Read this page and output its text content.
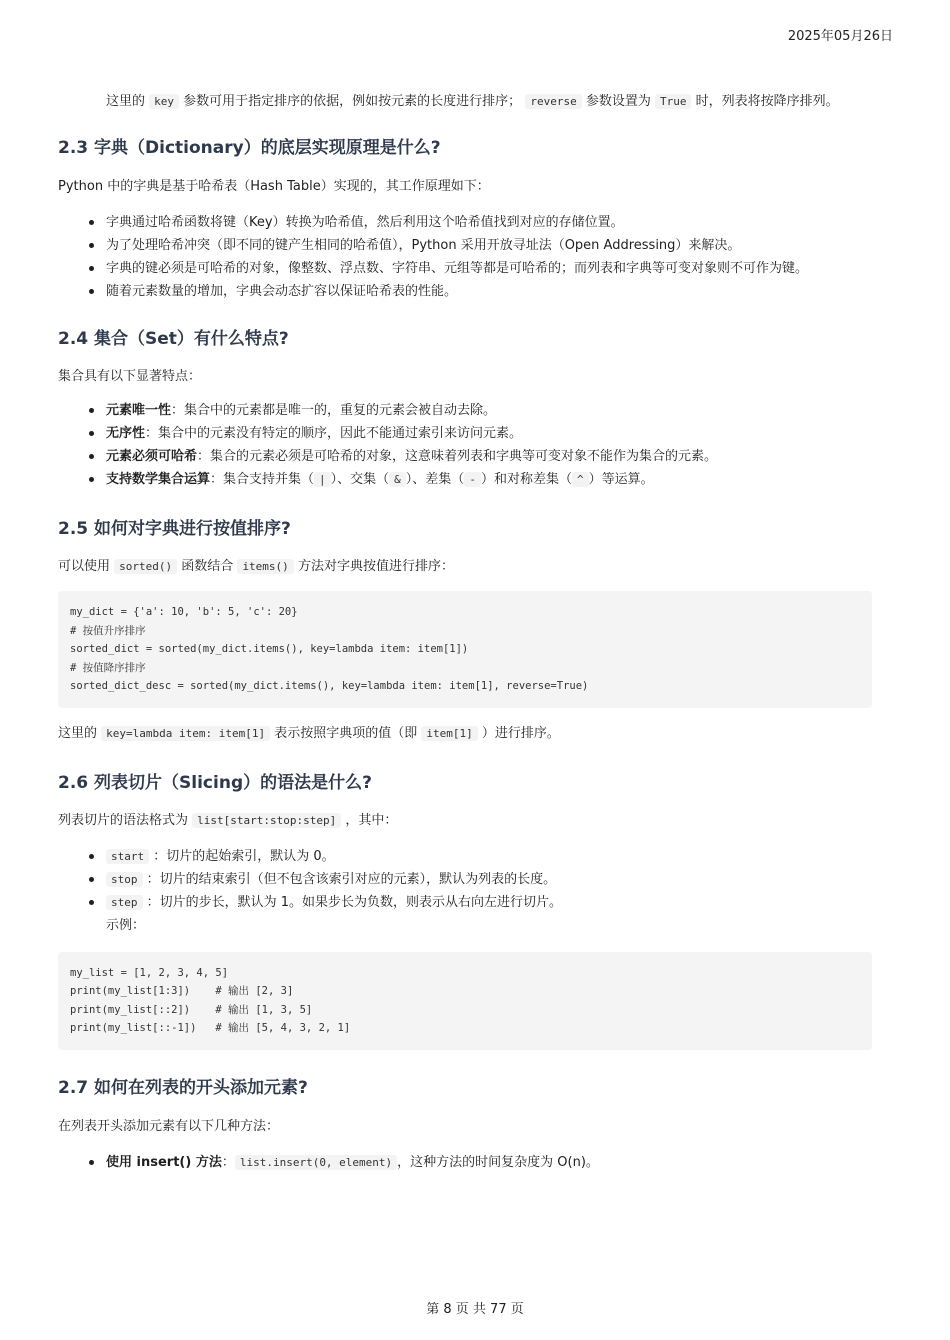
2025年05月26日

这里的 key 参数可用于指定排序的依据，例如按元素的长度进行排序； reverse 参数设置为 True 时，列表将按降序排列。

2.3 字典（Dictionary）的底层实现原理是什么?

Python 中的字典是基于哈希表（Hash Table）实现的，其工作原理如下：

字典通过哈希函数将键（Key）转换为哈希值，然后利用这个哈希值找到对应的存储位置。
为了处理哈希冲突（即不同的键产生相同的哈希值），Python 采用开放寻址法（Open Addressing）来解决。
字典的键必须是可哈希的对象，像整数、浮点数、字符串、元组等都是可哈希的；而列表和字典等可变对象则不可作为键。
随着元素数量的增加，字典会动态扩容以保证哈希表的性能。
2.4 集合（Set）有什么特点?

集合具有以下显著特点：

元素唯一性：集合中的元素都是唯一的，重复的元素会被自动去除。
无序性：集合中的元素没有特定的顺序，因此不能通过索引来访问元素。
元素必须可哈希：集合的元素必须是可哈希的对象，这意味着列表和字典等可变对象不能作为集合的元素。
支持数学集合运算：集合支持并集（ | ）、交集（ & ）、差集（ - ）和对称差集（ ^ ）等运算。
2.5 如何对字典进行按值排序?

可以使用 sorted() 函数结合 items() 方法对字典按值进行排序：

my_dict = {'a': 10, 'b': 5, 'c': 20}
# 按值升序排序
sorted_dict = sorted(my_dict.items(), key=lambda item: item[1])
# 按值降序排序
sorted_dict_desc = sorted(my_dict.items(), key=lambda item: item[1], reverse=True)

这里的 key=lambda item: item[1] 表示按照字典项的值（即 item[1] ）进行排序。

2.6 列表切片（Slicing）的语法是什么?

列表切片的语法格式为 list[start:stop:step] ，其中：

start ：切片的起始索引，默认为 0。
stop ：切片的结束索引（但不包含该索引对应的元素），默认为列表的长度。
step ：切片的步长，默认为 1。如果步长为负数，则表示从右向左进行切片。
示例：
my_list = [1, 2, 3, 4, 5]
print(my_list[1:3])    # 输出 [2, 3]
print(my_list[::2])    # 输出 [1, 3, 5]
print(my_list[::-1])   # 输出 [5, 4, 3, 2, 1]
2.7 如何在列表的开头添加元素?

在列表开头添加元素有以下几种方法：

使用 insert() 方法： list.insert(0, element) ，这种方法的时间复杂度为 O(n)。
第 8 页 共 77 页
